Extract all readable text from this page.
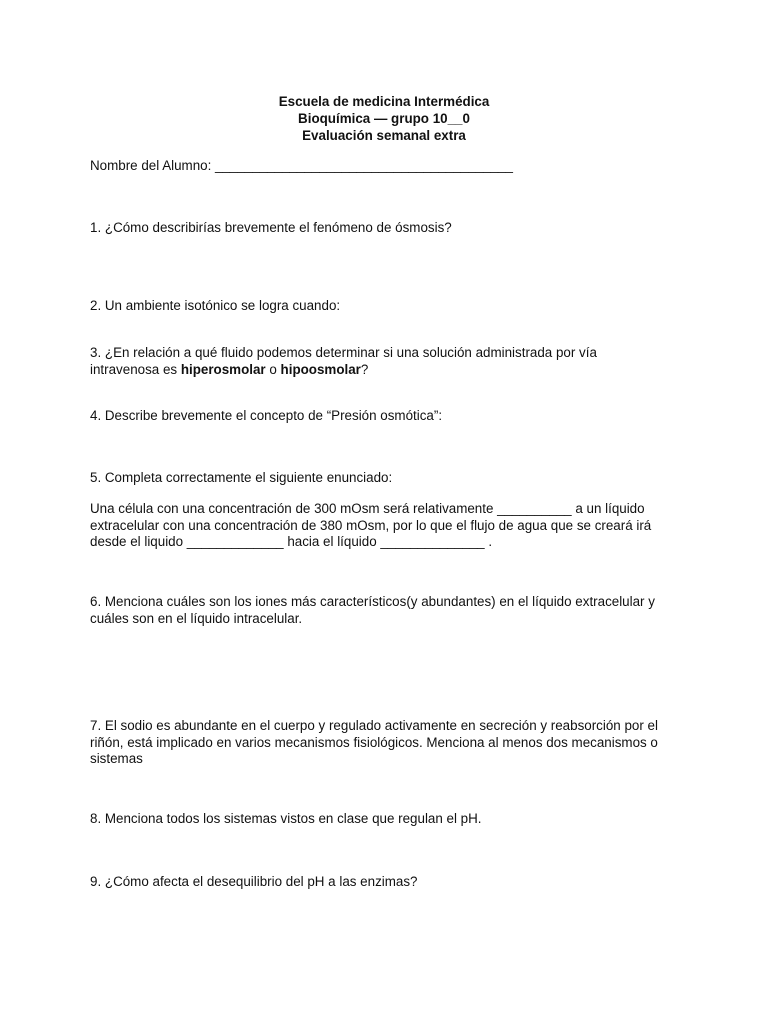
Escuela de medicina Intermédica
Bioquímica — grupo 10__0
Evaluación semanal extra

Nombre del Alumno: ________________________________________

1. ¿Cómo describirías brevemente el fenómeno de ósmosis?

2. Un ambiente isotónico se logra cuando:

3. ¿En relación a qué fluido podemos determinar si una solución administrada por vía intravenosa es hiperosmolar o hipoosmolar?

4. Describe brevemente el concepto de “Presión osmótica”:

5. Completa correctamente el siguiente enunciado:

Una célula con una concentración de 300 mOsm será relativamente __________ a un líquido extracelular con una concentración de 380 mOsm, por lo que el flujo de agua que se creará irá desde el liquido _____________ hacia el líquido ______________ .

6. Menciona cuáles son los iones más característicos(y abundantes) en el líquido extracelular y cuáles son en el líquido intracelular.

7. El sodio es abundante en el cuerpo y regulado activamente en secreción y reabsorción por el riñón, está implicado en varios mecanismos fisiológicos. Menciona al menos dos mecanismos o sistemas

8. Menciona todos los sistemas vistos en clase que regulan el pH.

9. ¿Cómo afecta el desequilibrio del pH a las enzimas?
